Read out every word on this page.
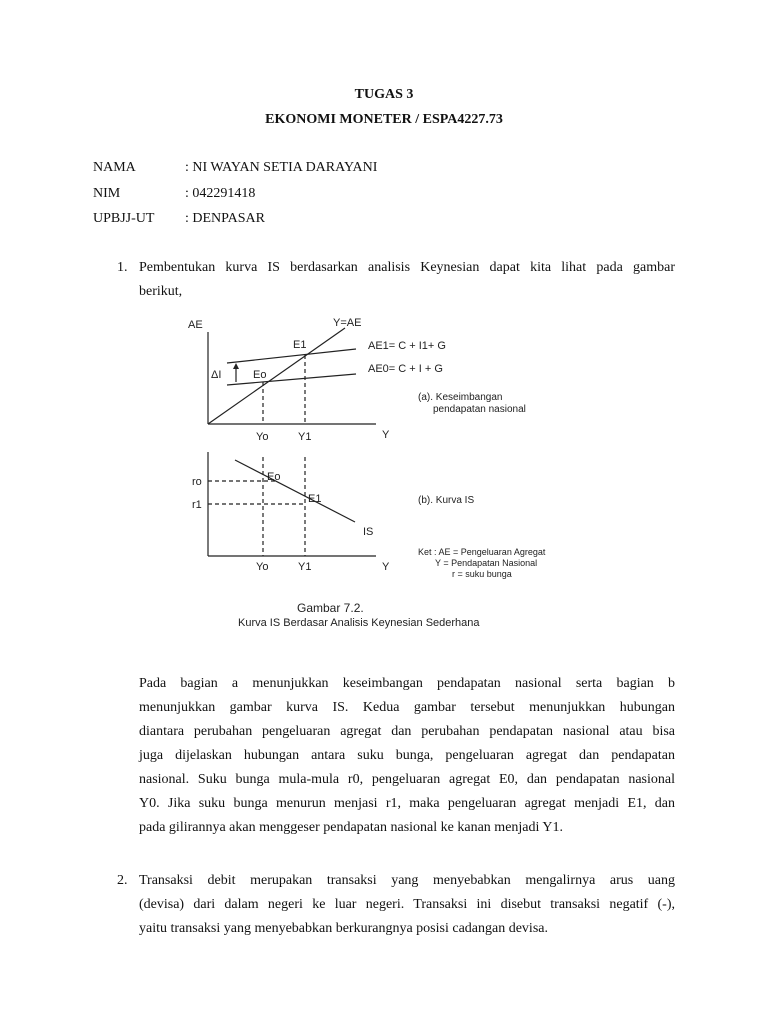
TUGAS 3
EKONOMI MONETER / ESPA4227.73
NAMA	: NI WAYAN SETIA DARAYANI
NIM	: 042291418
UPBJJ-UT : DENPASAR
1. Pembentukan kurva IS berdasarkan analisis Keynesian dapat kita lihat pada gambar
berikut,
AE	Y=AE
E1	AE1= C + I1+ G
AE0= C + I + G
ΔI	Eo
(a). Keseimbangan
pendapatan nasional
Yo	Y1	Y
ro
r1
Eo
E1	(b). Kurva IS
IS
Ket : AE = Pengeluaran Agregat
Y = Pendapatan Nasional
r = suku bunga
Yo	Y1	Y
Gambar 7.2.
Kurva IS Berdasar Analisis Keynesian Sederhana
Pada bagian a menunjukkan keseimbangan pendapatan nasional serta bagian b
menunjukkan gambar kurva IS. Kedua gambar tersebut menunjukkan hubungan
diantara perubahan pengeluaran agregat dan perubahan pendapatan nasional atau bisa
juga dijelaskan hubungan antara suku bunga, pengeluaran agregat dan pendapatan
nasional. Suku bunga mula-mula r0, pengeluaran agregat E0, dan pendapatan nasional
Y0. Jika suku bunga menurun menjasi r1, maka pengeluaran agregat menjadi E1, dan
pada gilirannya akan menggeser pendapatan nasional ke kanan menjadi Y1.
2. Transaksi debit merupakan transaksi yang menyebabkan mengalirnya arus uang
(devisa) dari dalam negeri ke luar negeri. Transaksi ini disebut transaksi negatif (-),
yaitu transaksi yang menyebabkan berkurangnya posisi cadangan devisa.
